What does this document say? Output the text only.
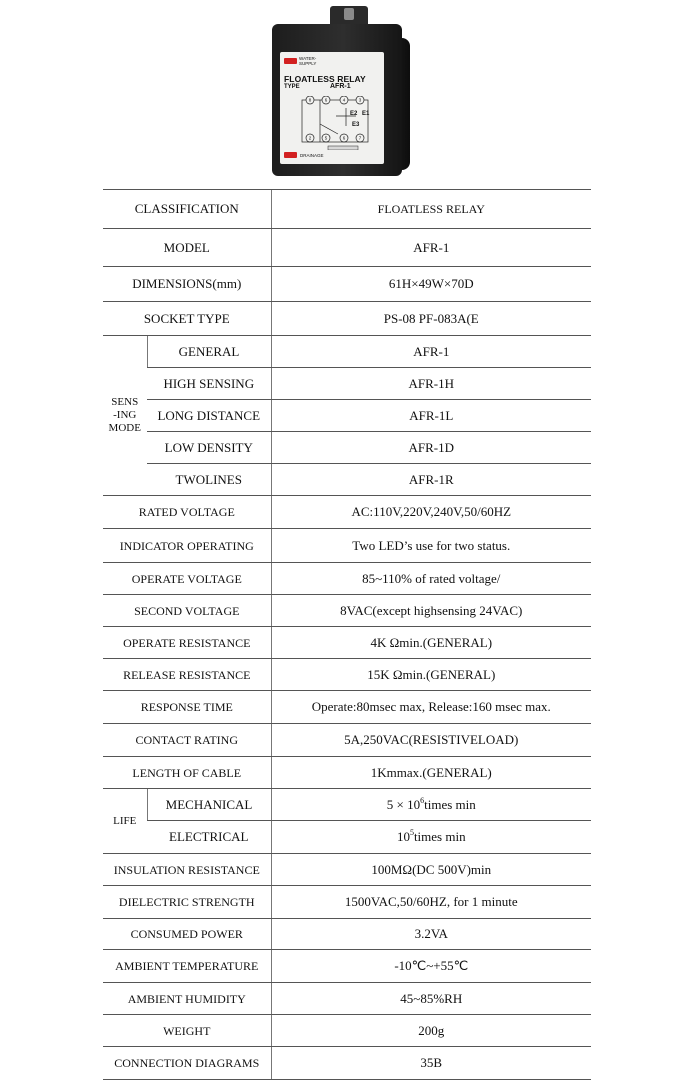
WATER-
SUPPLY
FLOATLESS RELAY
TYPE	AFR-1
8	6	4	3
2	5	6	7
E2 E1
E3
DRAINAGE
CLASSIFICATION		FLOATLESS RELAY
MODEL		AFR-1
DIMENSIONS(mm)		61H×49W×70D
SOCKET TYPE		PS-08 PF-083A(E
SENS
-ING
MODE	GENERAL	AFR-1
	HIGH SENSING	AFR-1H
	LONG DISTANCE	AFR-1L
	LOW DENSITY	AFR-1D
	TWOLINES	AFR-1R
RATED VOLTAGE		AC:110V,220V,240V,50/60HZ
INDICATOR OPERATING		Two LED’s use for two status.
OPERATE VOLTAGE		85~110% of rated voltage/
SECOND VOLTAGE		8VAC(except highsensing 24VAC)
OPERATE RESISTANCE		4K Ωmin.(GENERAL)
RELEASE RESISTANCE		15K Ωmin.(GENERAL)
RESPONSE TIME		Operate:80msec max, Release:160 msec max.
CONTACT RATING		5A,250VAC(RESISTIVELOAD)
LENGTH OF CABLE		1Kmmax.(GENERAL)
LIFE	MECHANICAL	$5 \times 10^6times$ min
	ELECTRICAL	$10^5times$ min
INSULATION RESISTANCE		100MΩ(DC 500V)min
DIELECTRIC STRENGTH		1500VAC,50/60HZ, for 1 minute
CONSUMED POWER		3.2VA
AMBIENT TEMPERATURE		-10℃~+55℃
AMBIENT HUMIDITY		45~85%RH
WEIGHT		200g
CONNECTION DIAGRAMS		35B
